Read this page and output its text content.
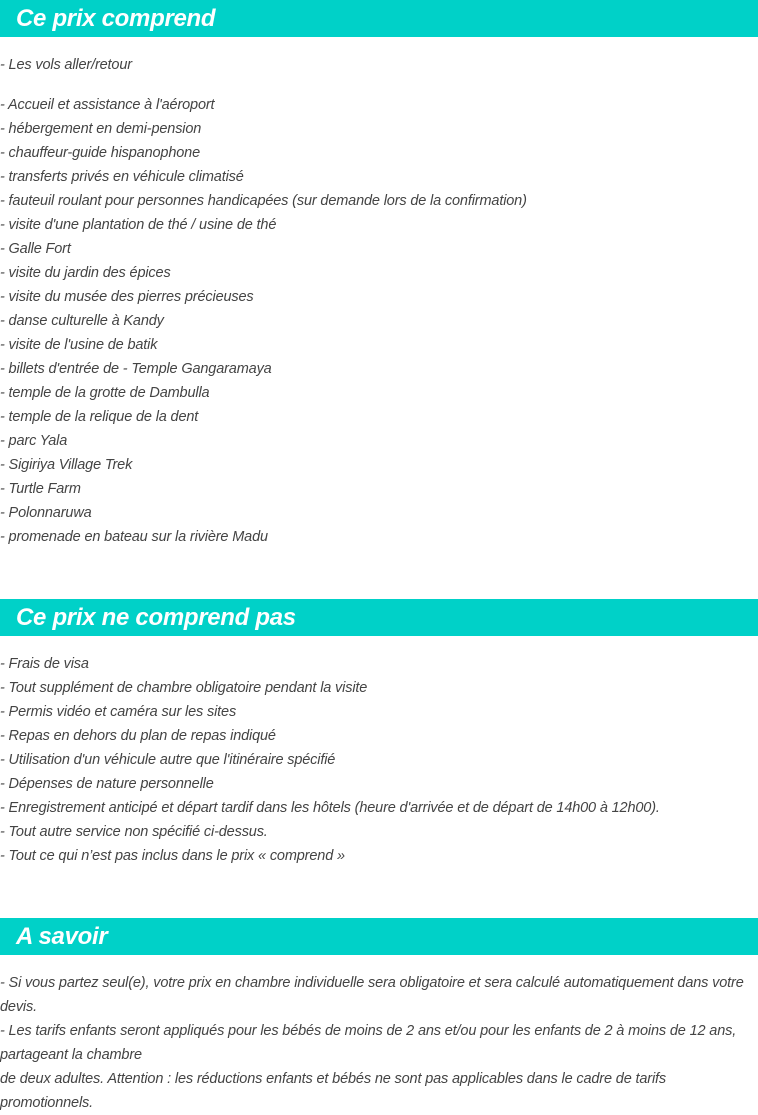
Ce prix comprend
- Les vols aller/retour
- Accueil et assistance à l'aéroport
- hébergement en demi-pension
- chauffeur-guide hispanophone
- transferts privés en véhicule climatisé
- fauteuil roulant pour personnes handicapées (sur demande lors de la confirmation)
- visite d'une plantation de thé / usine de thé
- Galle Fort
- visite du jardin des épices
- visite du musée des pierres précieuses
- danse culturelle à Kandy
- visite de l'usine de batik
- billets d'entrée de - Temple Gangaramaya
- temple de la grotte de Dambulla
- temple de la relique de la dent
- parc Yala
- Sigiriya Village Trek
- Turtle Farm
- Polonnaruwa
- promenade en bateau sur la rivière Madu
Ce prix ne comprend pas
- Frais de visa
- Tout supplément de chambre obligatoire pendant la visite
- Permis vidéo et caméra sur les sites
- Repas en dehors du plan de repas indiqué
- Utilisation d'un véhicule autre que l'itinéraire spécifié
- Dépenses de nature personnelle
- Enregistrement anticipé et départ tardif dans les hôtels (heure d'arrivée et de départ de 14h00 à 12h00).
- Tout autre service non spécifié ci-dessus.
- Tout ce qui n’est pas inclus dans le prix « comprend »
A savoir

- Si vous partez seul(e), votre prix en chambre individuelle sera obligatoire et sera calculé automatiquement dans votre devis.

- Les tarifs enfants seront appliqués pour les bébés de moins de 2 ans et/ou pour les enfants de 2 à moins de 12 ans, partageant la chambre

de deux adultes. Attention : les réductions enfants et bébés ne sont pas applicables dans le cadre de tarifs promotionnels.
